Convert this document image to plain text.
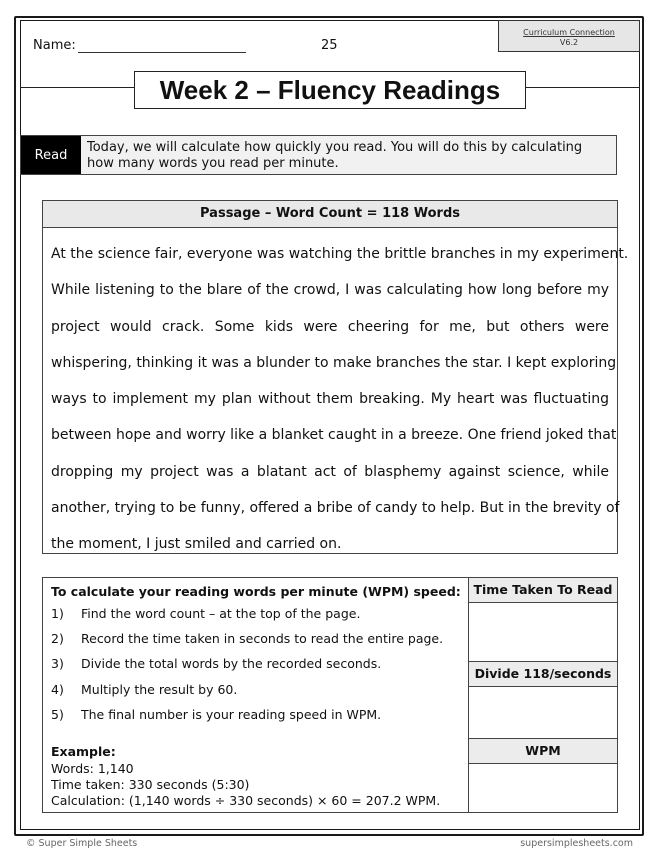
Name:	25
Curriculum Connection
V6.2
Week 2 – Fluency Readings
Read
Today, we will calculate how quickly you read. You will do this by calculating how many words you read per minute.
Passage – Word Count = 118 Words
At the science fair, everyone was watching the brittle branches in my experiment.
While listening to the blare of the crowd, I was calculating how long before my
project would crack. Some kids were cheering for me, but others were
whispering, thinking it was a blunder to make branches the star. I kept exploring
ways to implement my plan without them breaking. My heart was fluctuating
between hope and worry like a blanket caught in a breeze. One friend joked that
dropping my project was a blatant act of blasphemy against science, while
another, trying to be funny, offered a bribe of candy to help. But in the brevity of
the moment, I just smiled and carried on.
To calculate your reading words per minute (WPM) speed:
1) Find the word count – at the top of the page.
2) Record the time taken in seconds to read the entire page.
3) Divide the total words by the recorded seconds.
4) Multiply the result by 60.
5) The final number is your reading speed in WPM.
Example:
Words: 1,140
Time taken: 330 seconds (5:30)
Calculation: (1,140 words ÷ 330 seconds) × 60 = 207.2 WPM.
Time Taken To Read
Divide 118/seconds
WPM
© Super Simple Sheets	supersimplesheets.com
